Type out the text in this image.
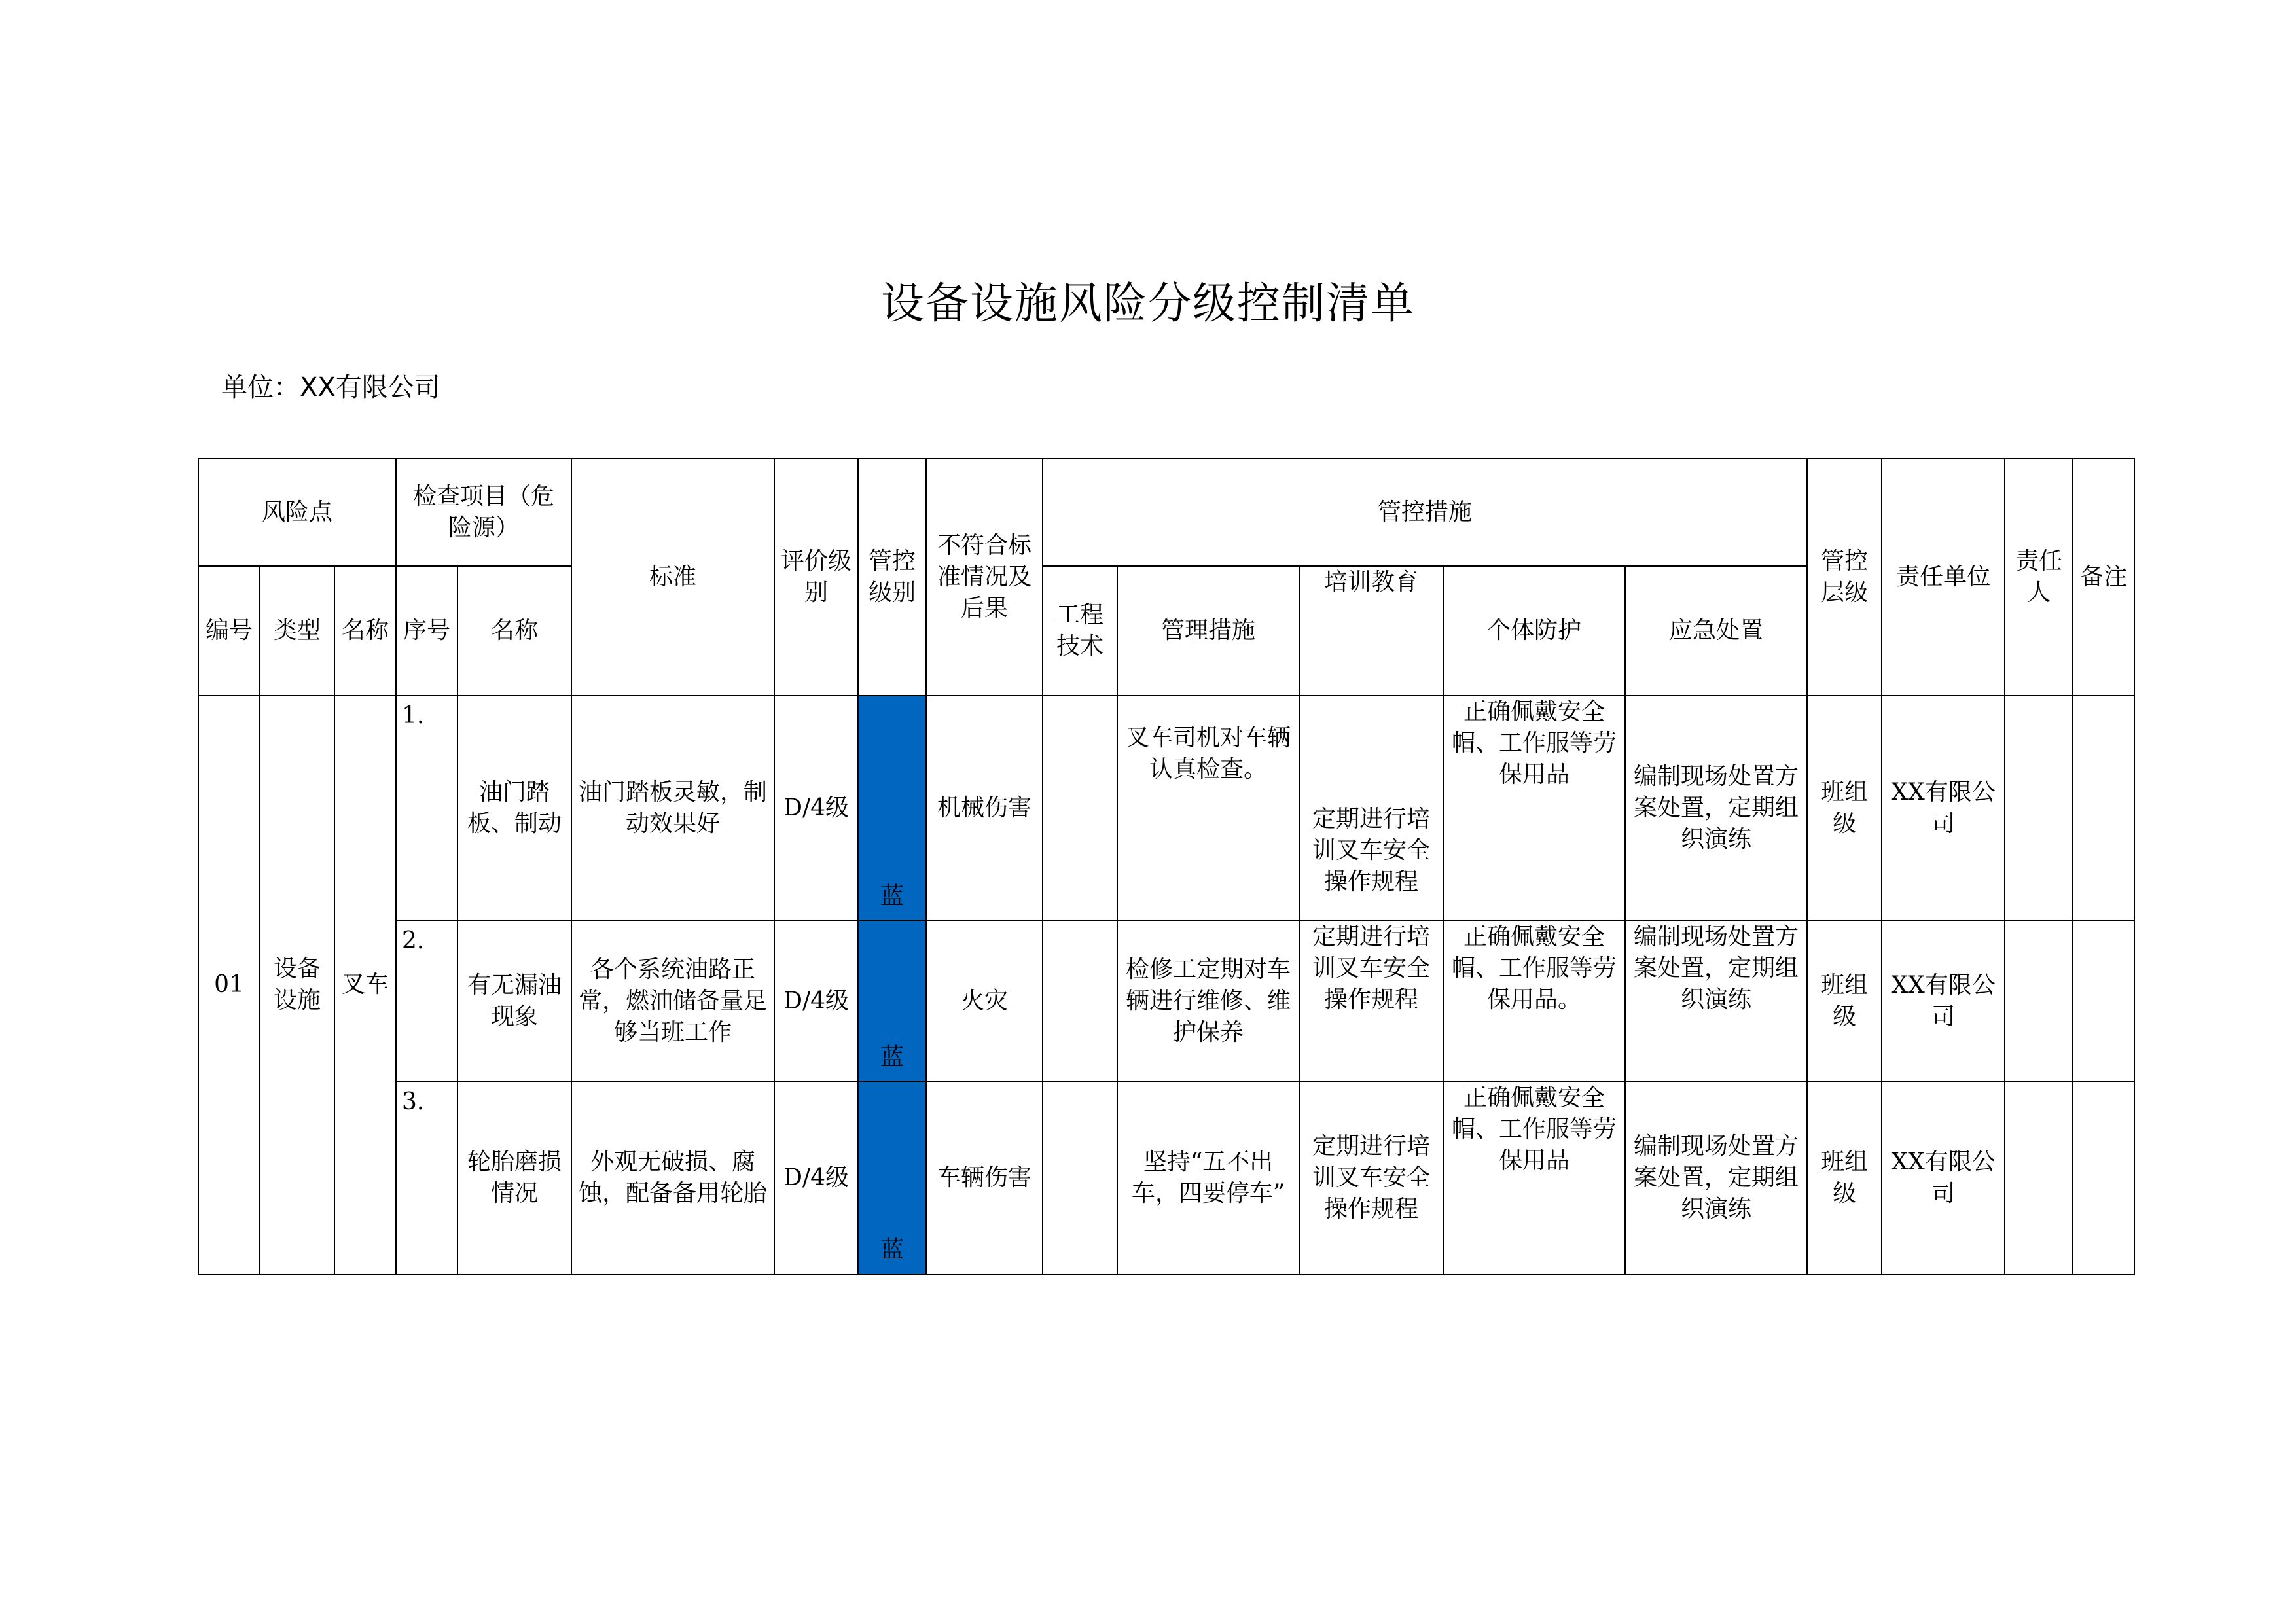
设备设施风险分级控制清单
单位：XX有限公司
风险点			检查项目（危险源）		标准	评价级别	管控级别	不符合标准情况及后果	管控措施					管控层级	责任单位	责任人	备注
编号	类型	名称	序号	名称					工程技术	管理措施	培训教育	个体防护	应急处置				
01	设备设施	叉车	1.	油门踏板、制动	油门踏板灵敏，制动效果好	D/4级	蓝	机械伤害		叉车司机对车辆认真检查。	定期进行培训叉车安全操作规程	正确佩戴安全帽、工作服等劳保用品	编制现场处置方案处置，定期组织演练	班组级	XX有限公司		
			2.	有无漏油现象	各个系统油路正常，燃油储备量足够当班工作	D/4级	蓝	火灾		检修工定期对车辆进行维修、维护保养	定期进行培训叉车安全操作规程	正确佩戴安全帽、工作服等劳保用品。	编制现场处置方案处置，定期组织演练	班组级	XX有限公司		
			3.	轮胎磨损情况	外观无破损、腐蚀，配备备用轮胎	D/4级	蓝	车辆伤害		坚持“五不出车，四要停车”	定期进行培训叉车安全操作规程	正确佩戴安全帽、工作服等劳保用品	编制现场处置方案处置，定期组织演练	班组级	XX有限公司		
